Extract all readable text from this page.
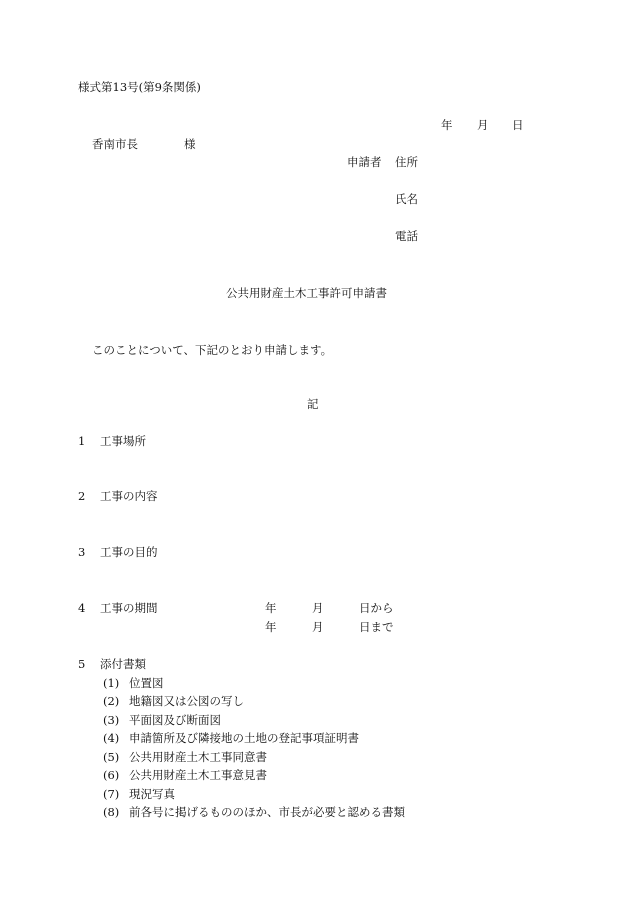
様式第13号(第9条関係)
年 月 日
香南市長	様
申請者 住所
氏名
電話
公共用財産土木工事許可申請書
このことについて、下記のとおり申請します。
記
1 工事場所
2 工事の内容
3 工事の目的
4 工事の期間	年	月	日から
年	月	日まで
5 添付書類
(1) 位置図
(2) 地籍図又は公図の写し
(3) 平面図及び断面図
(4) 申請箇所及び隣接地の土地の登記事項証明書
(5) 公共用財産土木工事同意書
(6) 公共用財産土木工事意見書
(7) 現況写真
(8) 前各号に掲げるもののほか、市長が必要と認める書類
